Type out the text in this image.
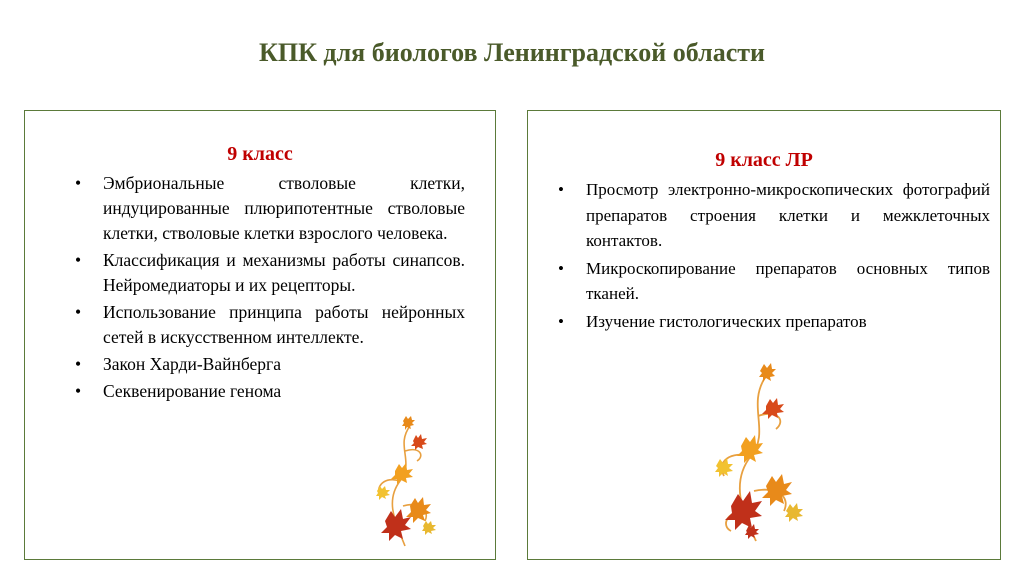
КПК для биологов Ленинградской области
9 класс
•	Эмбриональные стволовые клетки, индуцированные плюрипотентные стволовые клетки, стволовые клетки взрослого человека.
•	Классификация и механизмы работы синапсов. Нейромедиаторы и их рецепторы.
•	Использование принципа работы нейронных сетей в искусственном интеллекте.
•	Закон Харди-Вайнберга
•	Секвенирование генома
9 класс ЛР
•	Просмотр электронно-микроскопических фотографий препаратов строения клетки и межклеточных контактов.
•	Микроскопирование препаратов основных типов тканей.
•	Изучение гистологических препаратов
